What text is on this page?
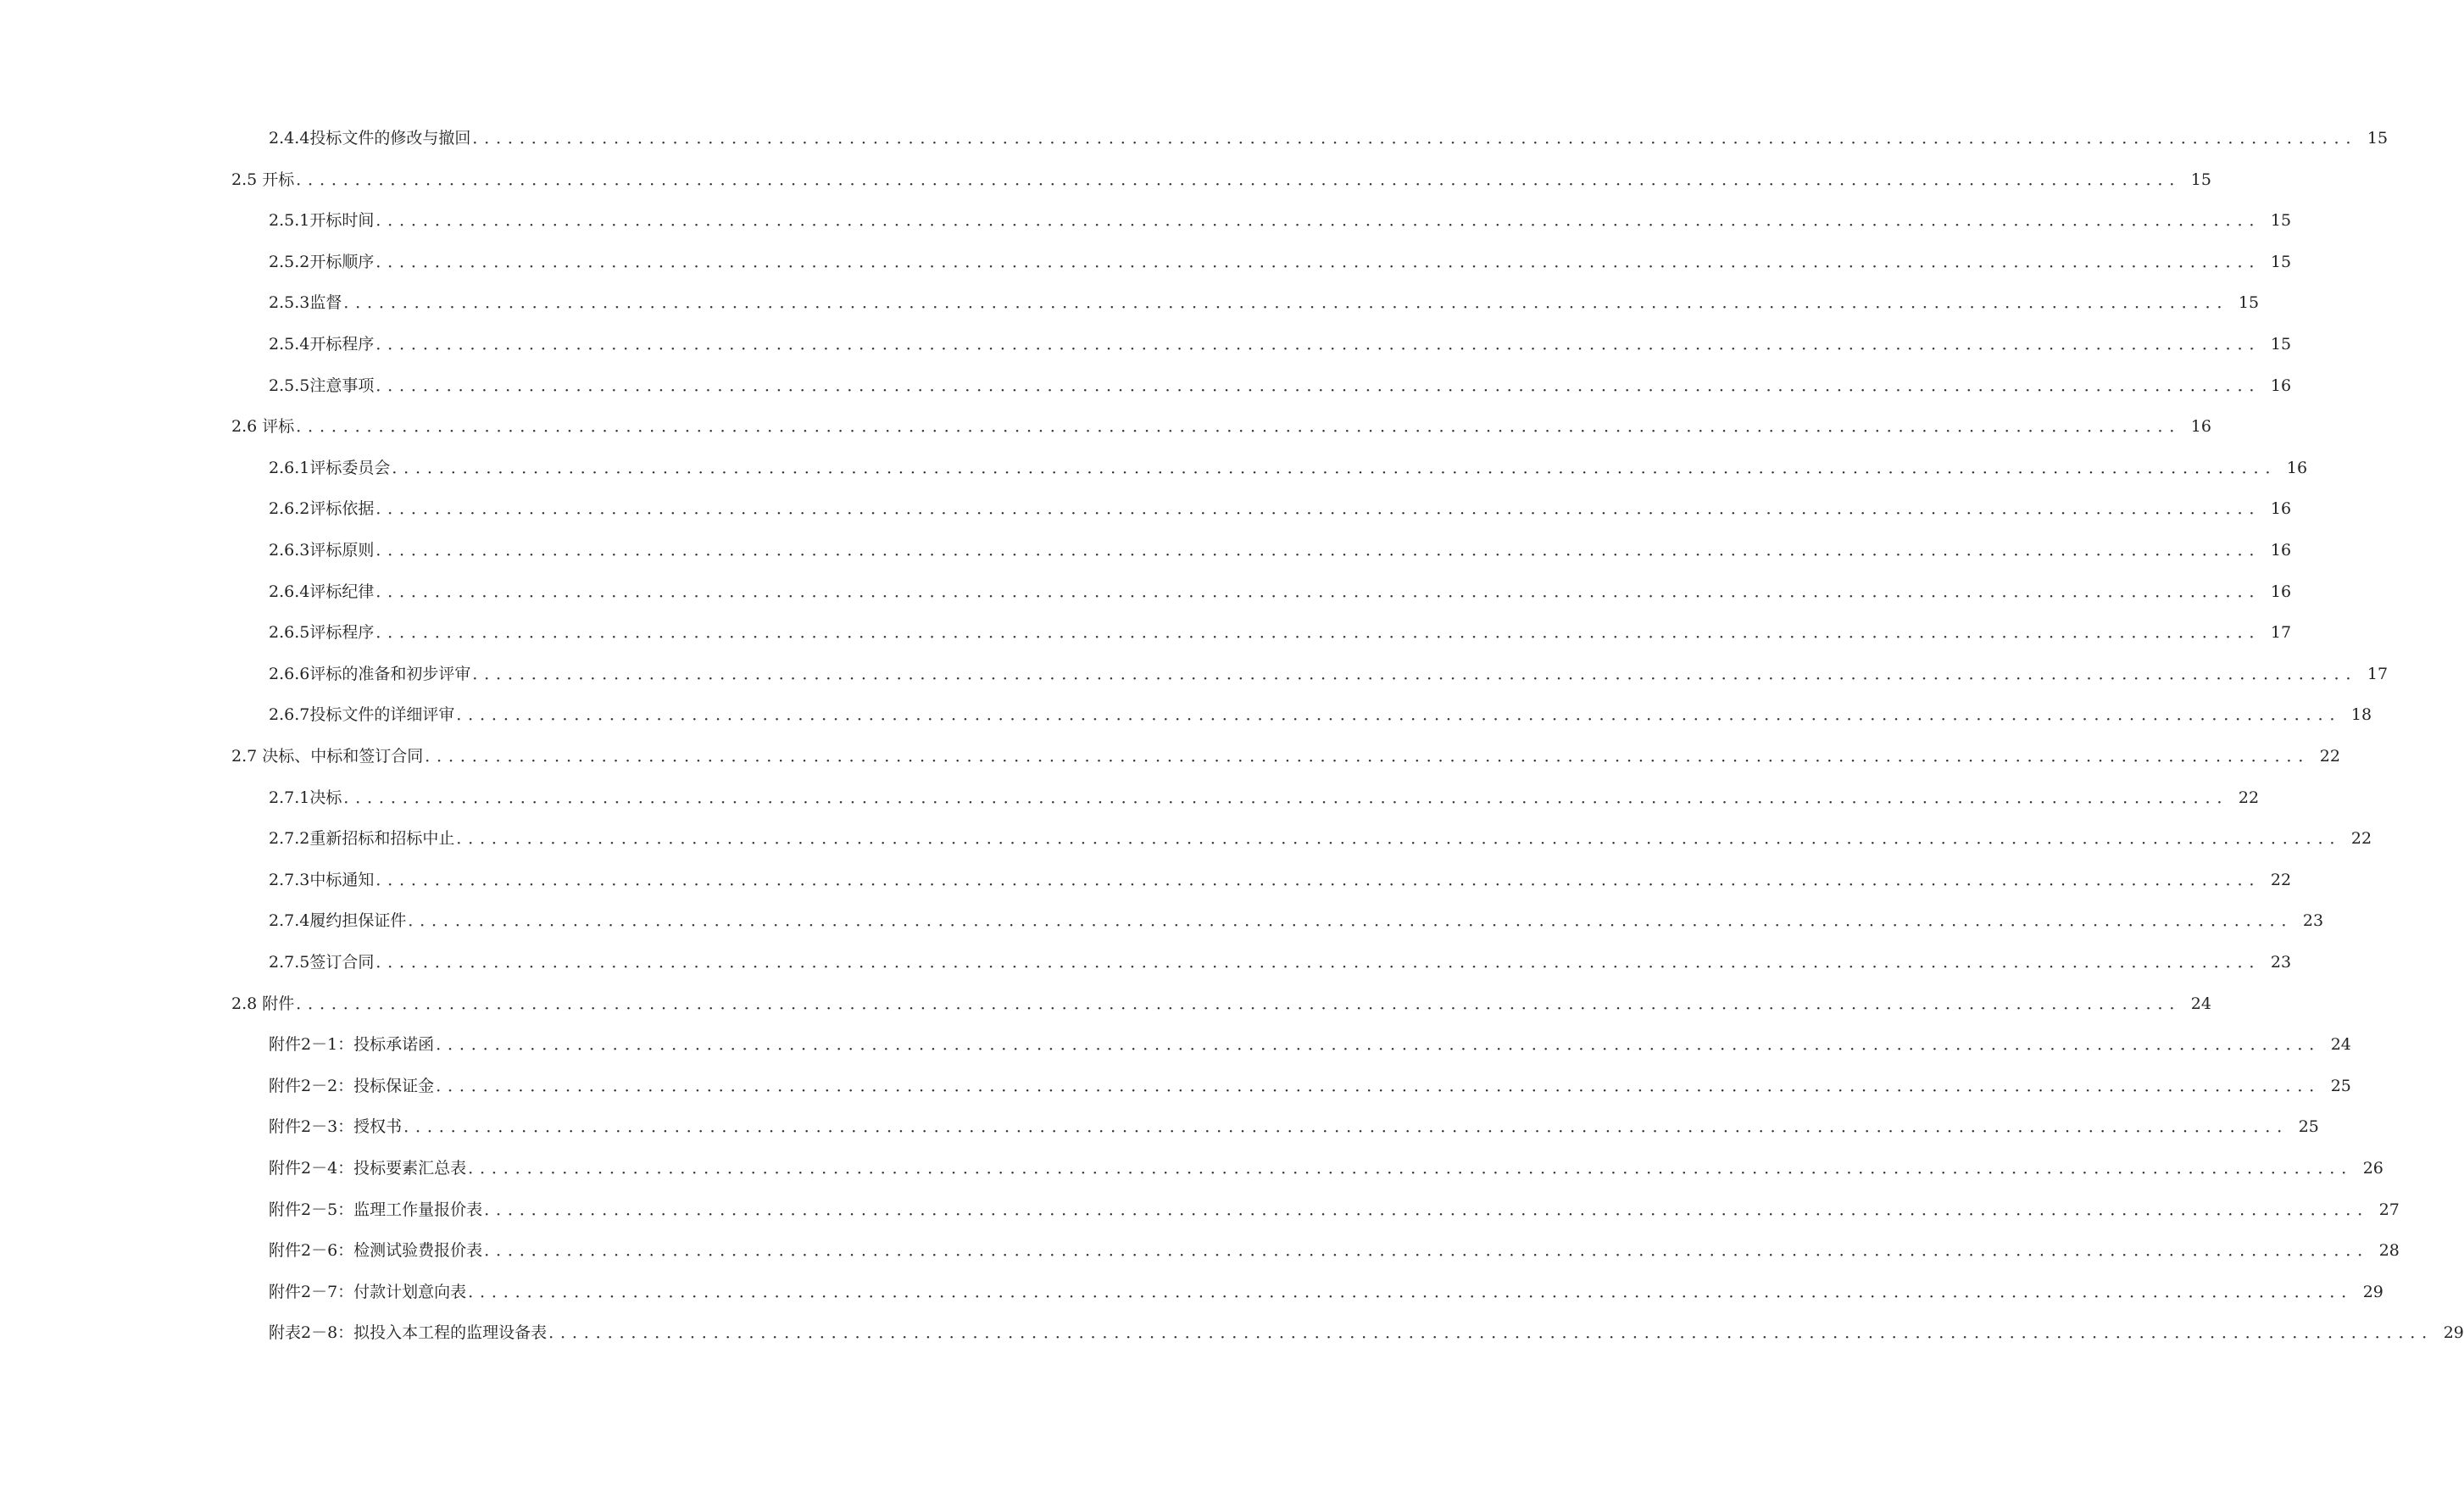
2.4.4投标文件的修改与撤回 ．．．．．．．．．．．．．．．．．．．．．．．．．．．．．．．．．．．．．．．．．．．．．．．．．．．．．．．．．．．．．．．．．．．．．．．．．．．．．．．．．．．．．．．．．．．．．．．．．．．．．．．．．．．．．．．．．．．．．．．．．．．．．．．．．．．．．．．．．．．．．．．．．．．．．．．．．．．．．．．． 15
2.5 开标 ．．．．．．．．．．．．．．．．．．．．．．．．．．．．．．．．．．．．．．．．．．．．．．．．．．．．．．．．．．．．．．．．．．．．．．．．．．．．．．．．．．．．．．．．．．．．．．．．．．．．．．．．．．．．．．．．．．．．．．．．．．．．．．．．．．．．．．．．．．．．．．．．．．．．．．．．．．．．．．．． 15
2.5.1开标时间 ．．．．．．．．．．．．．．．．．．．．．．．．．．．．．．．．．．．．．．．．．．．．．．．．．．．．．．．．．．．．．．．．．．．．．．．．．．．．．．．．．．．．．．．．．．．．．．．．．．．．．．．．．．．．．．．．．．．．．．．．．．．．．．．．．．．．．．．．．．．．．．．．．．．．．．．．．．．．．．．． 15
2.5.2开标顺序 ．．．．．．．．．．．．．．．．．．．．．．．．．．．．．．．．．．．．．．．．．．．．．．．．．．．．．．．．．．．．．．．．．．．．．．．．．．．．．．．．．．．．．．．．．．．．．．．．．．．．．．．．．．．．．．．．．．．．．．．．．．．．．．．．．．．．．．．．．．．．．．．．．．．．．．．．．．．．．．．． 15
2.5.3监督 ．．．．．．．．．．．．．．．．．．．．．．．．．．．．．．．．．．．．．．．．．．．．．．．．．．．．．．．．．．．．．．．．．．．．．．．．．．．．．．．．．．．．．．．．．．．．．．．．．．．．．．．．．．．．．．．．．．．．．．．．．．．．．．．．．．．．．．．．．．．．．．．．．．．．．．．．．．．．．．．． 15
2.5.4开标程序 ．．．．．．．．．．．．．．．．．．．．．．．．．．．．．．．．．．．．．．．．．．．．．．．．．．．．．．．．．．．．．．．．．．．．．．．．．．．．．．．．．．．．．．．．．．．．．．．．．．．．．．．．．．．．．．．．．．．．．．．．．．．．．．．．．．．．．．．．．．．．．．．．．．．．．．．．．．．．．．．． 15
2.5.5注意事项 ．．．．．．．．．．．．．．．．．．．．．．．．．．．．．．．．．．．．．．．．．．．．．．．．．．．．．．．．．．．．．．．．．．．．．．．．．．．．．．．．．．．．．．．．．．．．．．．．．．．．．．．．．．．．．．．．．．．．．．．．．．．．．．．．．．．．．．．．．．．．．．．．．．．．．．．．．．．．．．．． 16
2.6 评标 ．．．．．．．．．．．．．．．．．．．．．．．．．．．．．．．．．．．．．．．．．．．．．．．．．．．．．．．．．．．．．．．．．．．．．．．．．．．．．．．．．．．．．．．．．．．．．．．．．．．．．．．．．．．．．．．．．．．．．．．．．．．．．．．．．．．．．．．．．．．．．．．．．．．．．．．．．．．．．．．． 16
2.6.1评标委员会 ．．．．．．．．．．．．．．．．．．．．．．．．．．．．．．．．．．．．．．．．．．．．．．．．．．．．．．．．．．．．．．．．．．．．．．．．．．．．．．．．．．．．．．．．．．．．．．．．．．．．．．．．．．．．．．．．．．．．．．．．．．．．．．．．．．．．．．．．．．．．．．．．．．．．．．．．．．．．．．．． 16
2.6.2评标依据 ．．．．．．．．．．．．．．．．．．．．．．．．．．．．．．．．．．．．．．．．．．．．．．．．．．．．．．．．．．．．．．．．．．．．．．．．．．．．．．．．．．．．．．．．．．．．．．．．．．．．．．．．．．．．．．．．．．．．．．．．．．．．．．．．．．．．．．．．．．．．．．．．．．．．．．．．．．．．．．．． 16
2.6.3评标原则 ．．．．．．．．．．．．．．．．．．．．．．．．．．．．．．．．．．．．．．．．．．．．．．．．．．．．．．．．．．．．．．．．．．．．．．．．．．．．．．．．．．．．．．．．．．．．．．．．．．．．．．．．．．．．．．．．．．．．．．．．．．．．．．．．．．．．．．．．．．．．．．．．．．．．．．．．．．．．．．．． 16
2.6.4评标纪律 ．．．．．．．．．．．．．．．．．．．．．．．．．．．．．．．．．．．．．．．．．．．．．．．．．．．．．．．．．．．．．．．．．．．．．．．．．．．．．．．．．．．．．．．．．．．．．．．．．．．．．．．．．．．．．．．．．．．．．．．．．．．．．．．．．．．．．．．．．．．．．．．．．．．．．．．．．．．．．．．． 16
2.6.5评标程序 ．．．．．．．．．．．．．．．．．．．．．．．．．．．．．．．．．．．．．．．．．．．．．．．．．．．．．．．．．．．．．．．．．．．．．．．．．．．．．．．．．．．．．．．．．．．．．．．．．．．．．．．．．．．．．．．．．．．．．．．．．．．．．．．．．．．．．．．．．．．．．．．．．．．．．．．．．．．．．．．． 17
2.6.6评标的准备和初步评审 ．．．．．．．．．．．．．．．．．．．．．．．．．．．．．．．．．．．．．．．．．．．．．．．．．．．．．．．．．．．．．．．．．．．．．．．．．．．．．．．．．．．．．．．．．．．．．．．．．．．．．．．．．．．．．．．．．．．．．．．．．．．．．．．．．．．．．．．．．．．．．．．．．．．．．．．．．．．．．．．． 17
2.6.7投标文件的详细评审 ．．．．．．．．．．．．．．．．．．．．．．．．．．．．．．．．．．．．．．．．．．．．．．．．．．．．．．．．．．．．．．．．．．．．．．．．．．．．．．．．．．．．．．．．．．．．．．．．．．．．．．．．．．．．．．．．．．．．．．．．．．．．．．．．．．．．．．．．．．．．．．．．．．．．．．．．．．．．．．．． 18
2.7 决标、中标和签订合同 ．．．．．．．．．．．．．．．．．．．．．．．．．．．．．．．．．．．．．．．．．．．．．．．．．．．．．．．．．．．．．．．．．．．．．．．．．．．．．．．．．．．．．．．．．．．．．．．．．．．．．．．．．．．．．．．．．．．．．．．．．．．．．．．．．．．．．．．．．．．．．．．．．．．．．．．．．．．．．．．． 22
2.7.1决标 ．．．．．．．．．．．．．．．．．．．．．．．．．．．．．．．．．．．．．．．．．．．．．．．．．．．．．．．．．．．．．．．．．．．．．．．．．．．．．．．．．．．．．．．．．．．．．．．．．．．．．．．．．．．．．．．．．．．．．．．．．．．．．．．．．．．．．．．．．．．．．．．．．．．．．．．．．．．．．．．． 22
2.7.2重新招标和招标中止 ．．．．．．．．．．．．．．．．．．．．．．．．．．．．．．．．．．．．．．．．．．．．．．．．．．．．．．．．．．．．．．．．．．．．．．．．．．．．．．．．．．．．．．．．．．．．．．．．．．．．．．．．．．．．．．．．．．．．．．．．．．．．．．．．．．．．．．．．．．．．．．．．．．．．．．．．．．．．．．．． 22
2.7.3中标通知 ．．．．．．．．．．．．．．．．．．．．．．．．．．．．．．．．．．．．．．．．．．．．．．．．．．．．．．．．．．．．．．．．．．．．．．．．．．．．．．．．．．．．．．．．．．．．．．．．．．．．．．．．．．．．．．．．．．．．．．．．．．．．．．．．．．．．．．．．．．．．．．．．．．．．．．．．．．．．．．．． 22
2.7.4履约担保证件 ．．．．．．．．．．．．．．．．．．．．．．．．．．．．．．．．．．．．．．．．．．．．．．．．．．．．．．．．．．．．．．．．．．．．．．．．．．．．．．．．．．．．．．．．．．．．．．．．．．．．．．．．．．．．．．．．．．．．．．．．．．．．．．．．．．．．．．．．．．．．．．．．．．．．．．．．．．．．．．．． 23
2.7.5签订合同 ．．．．．．．．．．．．．．．．．．．．．．．．．．．．．．．．．．．．．．．．．．．．．．．．．．．．．．．．．．．．．．．．．．．．．．．．．．．．．．．．．．．．．．．．．．．．．．．．．．．．．．．．．．．．．．．．．．．．．．．．．．．．．．．．．．．．．．．．．．．．．．．．．．．．．．．．．．．．．．．． 23
2.8 附件 ．．．．．．．．．．．．．．．．．．．．．．．．．．．．．．．．．．．．．．．．．．．．．．．．．．．．．．．．．．．．．．．．．．．．．．．．．．．．．．．．．．．．．．．．．．．．．．．．．．．．．．．．．．．．．．．．．．．．．．．．．．．．．．．．．．．．．．．．．．．．．．．．．．．．．．．．．．．．．．．． 24
附件2－1：投标承诺函 ．．．．．．．．．．．．．．．．．．．．．．．．．．．．．．．．．．．．．．．．．．．．．．．．．．．．．．．．．．．．．．．．．．．．．．．．．．．．．．．．．．．．．．．．．．．．．．．．．．．．．．．．．．．．．．．．．．．．．．．．．．．．．．．．．．．．．．．．．．．．．．．．．．．．．．．．．．．．．．．． 24
附件2－2：投标保证金 ．．．．．．．．．．．．．．．．．．．．．．．．．．．．．．．．．．．．．．．．．．．．．．．．．．．．．．．．．．．．．．．．．．．．．．．．．．．．．．．．．．．．．．．．．．．．．．．．．．．．．．．．．．．．．．．．．．．．．．．．．．．．．．．．．．．．．．．．．．．．．．．．．．．．．．．．．．．．．．．． 25
附件2－3：授权书 ．．．．．．．．．．．．．．．．．．．．．．．．．．．．．．．．．．．．．．．．．．．．．．．．．．．．．．．．．．．．．．．．．．．．．．．．．．．．．．．．．．．．．．．．．．．．．．．．．．．．．．．．．．．．．．．．．．．．．．．．．．．．．．．．．．．．．．．．．．．．．．．．．．．．．．．．．．．．．．．． 25
附件2－4：投标要素汇总表 ．．．．．．．．．．．．．．．．．．．．．．．．．．．．．．．．．．．．．．．．．．．．．．．．．．．．．．．．．．．．．．．．．．．．．．．．．．．．．．．．．．．．．．．．．．．．．．．．．．．．．．．．．．．．．．．．．．．．．．．．．．．．．．．．．．．．．．．．．．．．．．．．．．．．．．．．．．．．．．．． 26
附件2－5：监理工作量报价表 ．．．．．．．．．．．．．．．．．．．．．．．．．．．．．．．．．．．．．．．．．．．．．．．．．．．．．．．．．．．．．．．．．．．．．．．．．．．．．．．．．．．．．．．．．．．．．．．．．．．．．．．．．．．．．．．．．．．．．．．．．．．．．．．．．．．．．．．．．．．．．．．．．．．．．．．．．．．．．．．． 27
附件2－6：检测试验费报价表 ．．．．．．．．．．．．．．．．．．．．．．．．．．．．．．．．．．．．．．．．．．．．．．．．．．．．．．．．．．．．．．．．．．．．．．．．．．．．．．．．．．．．．．．．．．．．．．．．．．．．．．．．．．．．．．．．．．．．．．．．．．．．．．．．．．．．．．．．．．．．．．．．．．．．．．．．．．．．．．．． 28
附件2－7：付款计划意向表 ．．．．．．．．．．．．．．．．．．．．．．．．．．．．．．．．．．．．．．．．．．．．．．．．．．．．．．．．．．．．．．．．．．．．．．．．．．．．．．．．．．．．．．．．．．．．．．．．．．．．．．．．．．．．．．．．．．．．．．．．．．．．．．．．．．．．．．．．．．．．．．．．．．．．．．．．．．．．．．．． 29
附表2－8：拟投入本工程的监理设备表 ．．．．．．．．．．．．．．．．．．．．．．．．．．．．．．．．．．．．．．．．．．．．．．．．．．．．．．．．．．．．．．．．．．．．．．．．．．．．．．．．．．．．．．．．．．．．．．．．．．．．．．．．．．．．．．．．．．．．．．．．．．．．．．．．．．．．．．．．．．．．．．．．．．．．．．．．．．．．．．．． 29
